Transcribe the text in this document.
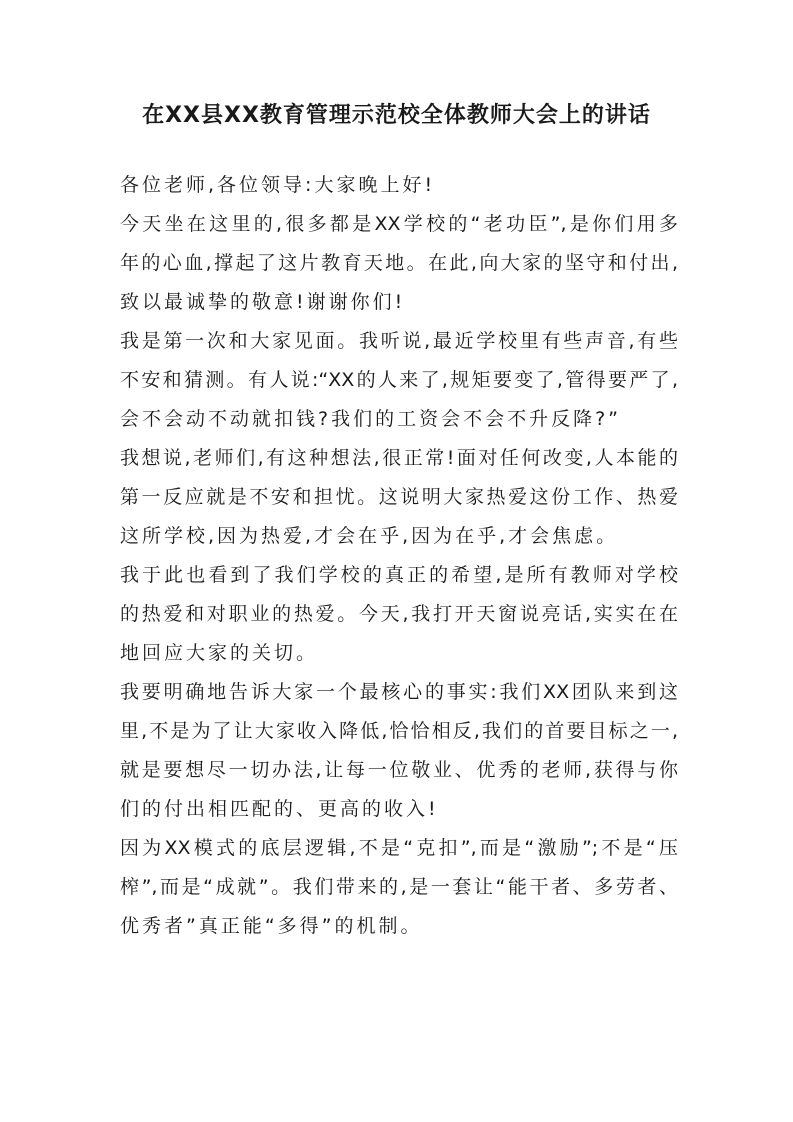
在XX县XX教育管理示范校全体教师大会上的讲话
各位老师,各位领导:大家晚上好!
今天坐在这里的,很多都是XX学校的“老功臣”,是你们用多
年的心血,撑起了这片教育天地。在此,向大家的坚守和付出,
致以最诚挚的敬意!谢谢你们!
我是第一次和大家见面。我听说,最近学校里有些声音,有些
不安和猜测。有人说:“XX的人来了,规矩要变了,管得要严了,
会不会动不动就扣钱?我们的工资会不会不升反降?”
我想说,老师们,有这种想法,很正常!面对任何改变,人本能的
第一反应就是不安和担忧。这说明大家热爱这份工作、热爱
这所学校,因为热爱,才会在乎,因为在乎,才会焦虑。
我于此也看到了我们学校的真正的希望,是所有教师对学校
的热爱和对职业的热爱。今天,我打开天窗说亮话,实实在在
地回应大家的关切。
我要明确地告诉大家一个最核心的事实:我们XX团队来到这
里,不是为了让大家收入降低,恰恰相反,我们的首要目标之一,
就是要想尽一切办法,让每一位敬业、优秀的老师,获得与你
们的付出相匹配的、更高的收入!
因为XX模式的底层逻辑,不是“克扣”,而是“激励”;不是“压
榨”,而是“成就”。我们带来的,是一套让“能干者、多劳者、
优秀者”真正能“多得”的机制。
